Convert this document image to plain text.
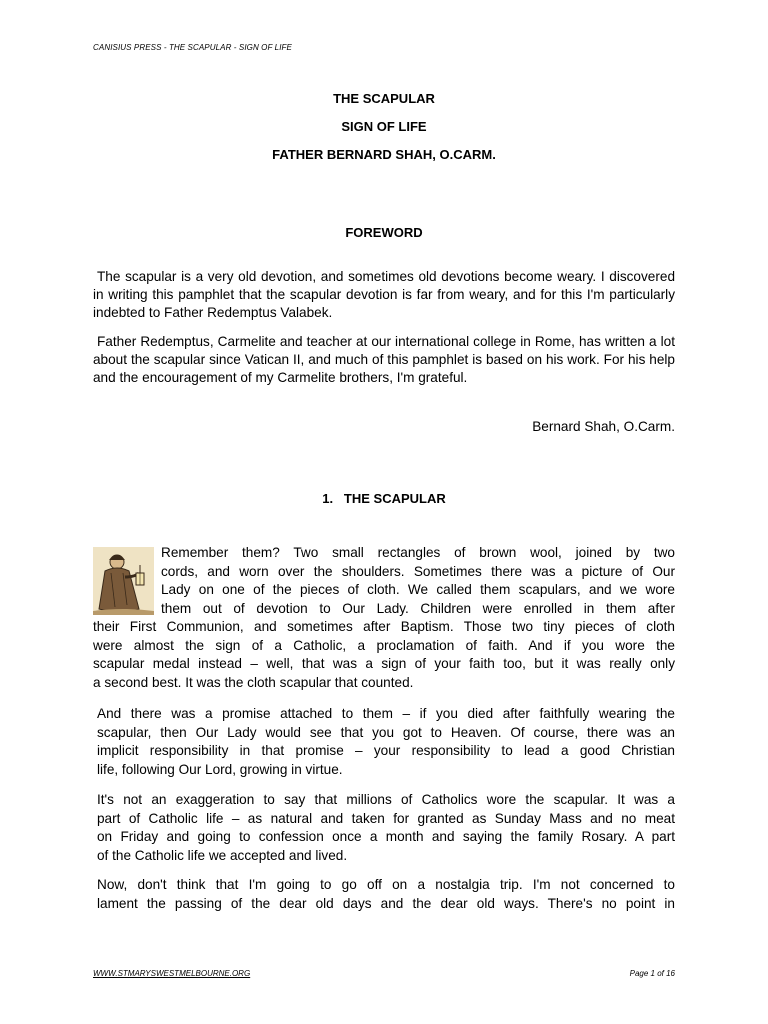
CANISIUS PRESS - THE SCAPULAR - SIGN OF LIFE
THE SCAPULAR
SIGN OF LIFE
FATHER BERNARD SHAH, O.CARM.
FOREWORD
The scapular is a very old devotion, and sometimes old devotions become weary. I discovered in writing this pamphlet that the scapular devotion is far from weary, and for this I'm particularly indebted to Father Redemptus Valabek.
Father Redemptus, Carmelite and teacher at our international college in Rome, has written a lot about the scapular since Vatican II, and much of this pamphlet is based on his work. For his help and the encouragement of my Carmelite brothers, I'm grateful.
Bernard Shah, O.Carm.
1. THE SCAPULAR
Remember them? Two small rectangles of brown wool, joined by two
cords, and worn over the shoulders. Sometimes there was a picture of Our
Lady on one of the pieces of cloth. We called them scapulars, and we wore
them out of devotion to Our Lady. Children were enrolled in them after
their First Communion, and sometimes after Baptism. Those two tiny pieces of cloth
were almost the sign of a Catholic, a proclamation of faith. And if you wore the
scapular medal instead – well, that was a sign of your faith too, but it was really only
a second best. It was the cloth scapular that counted.
And there was a promise attached to them – if you died after faithfully wearing the
scapular, then Our Lady would see that you got to Heaven. Of course, there was an
implicit responsibility in that promise – your responsibility to lead a good Christian
life, following Our Lord, growing in virtue.
It's not an exaggeration to say that millions of Catholics wore the scapular. It was a
part of Catholic life – as natural and taken for granted as Sunday Mass and no meat
on Friday and going to confession once a month and saying the family Rosary. A part
of the Catholic life we accepted and lived.
Now, don't think that I'm going to go off on a nostalgia trip. I'm not concerned to
lament the passing of the dear old days and the dear old ways. There's no point in
WWW.STMARYSWESTMELBOURNE.ORG	Page 1 of 16
